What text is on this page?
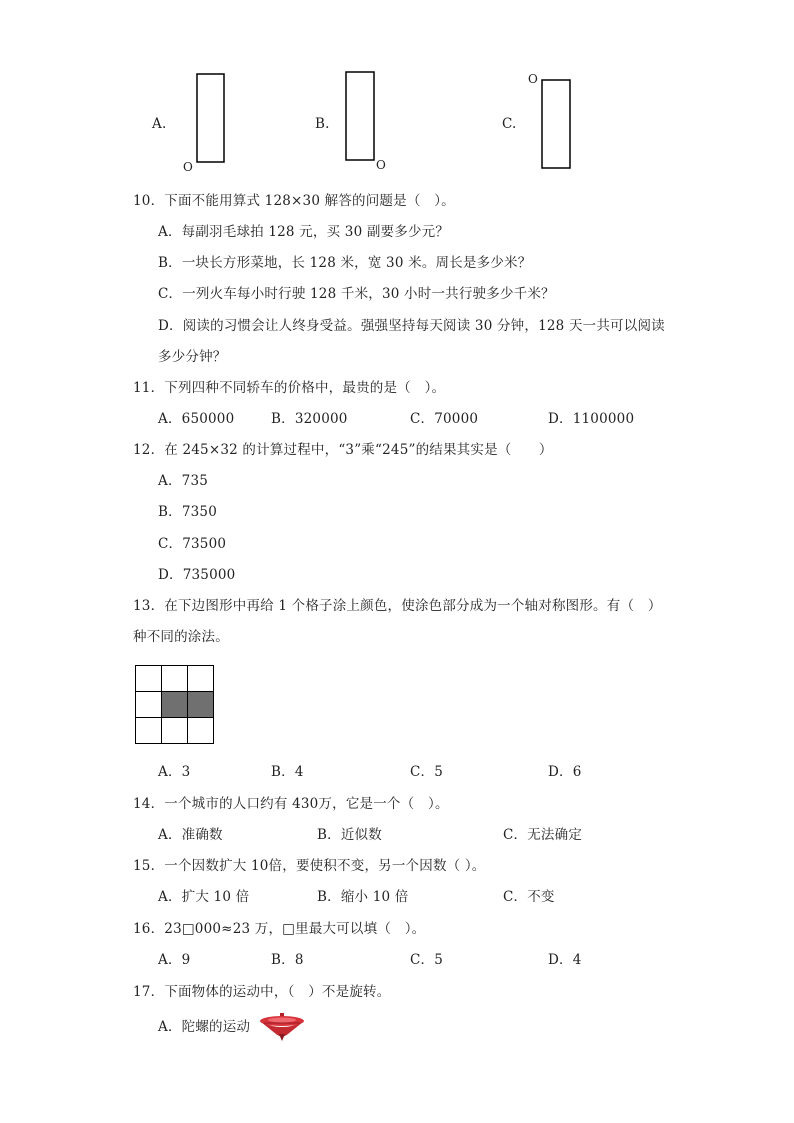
A.	B.	C.
O	O
O
10．下面不能用算式 128×30 解答的问题是（　）。
A．每副羽毛球拍 128 元，买 30 副要多少元？
B．一块长方形菜地，长 128 米，宽 30 米。周长是多少米？
C．一列火车每小时行驶 128 千米，30 小时一共行驶多少千米？
D．阅读的习惯会让人终身受益。强强坚持每天阅读 30 分钟，128 天一共可以阅读
多少分钟？
11．下列四种不同轿车的价格中，最贵的是（　）。
A．650000	B．320000	C．70000	D．1100000
12．在 245×32 的计算过程中，“3”乘“245”的结果其实是（　　）
A．735
B．7350
C．73500
D．735000
13．在下边图形中再给 1 个格子涂上颜色，使涂色部分成为一个轴对称图形。有（　）
种不同的涂法。
A．3	B．4	C．5	D．6
14．一个城市的人口约有 430万，它是一个（　）。
A．准确数	B．近似数	C．无法确定
15．一个因数扩大 10倍，要使积不变，另一个因数（ ）。
A．扩大 10 倍	B．缩小 10 倍	C．不变
16．23□000≈23 万，□里最大可以填（　）。
A．9	B．8	C．5	D．4
17．下面物体的运动中，（　）不是旋转。
A．陀螺的运动
